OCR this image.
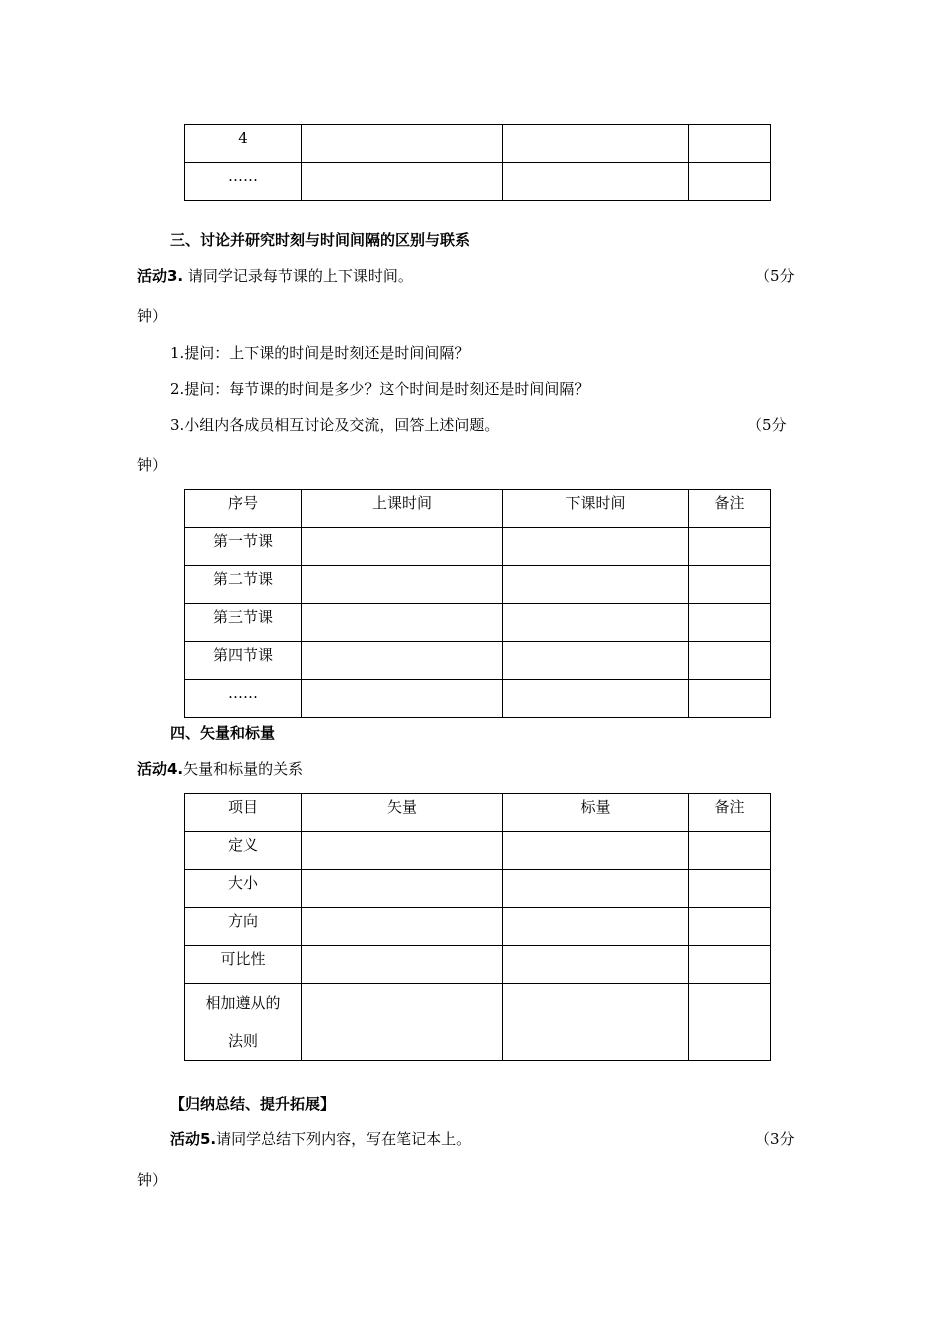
4			
……			
三、讨论并研究时刻与时间间隔的区别与联系
活动3. 请同学记录每节课的上下课时间。	（5分
钟）
1.提问：上下课的时间是时刻还是时间间隔？
2.提问：每节课的时间是多少？这个时间是时刻还是时间间隔？
3.小组内各成员相互讨论及交流，回答上述问题。	（5分
钟）
序号	上课时间	下课时间	备注
第一节课			
第二节课			
第三节课			
第四节课			
……			
四、矢量和标量
活动4.矢量和标量的关系
项目	矢量	标量	备注
定义			
大小			
方向			
可比性			

相加遵从的
法则			

【归纳总结、提升拓展】
活动5.请同学总结下列内容，写在笔记本上。	（3分
钟）
